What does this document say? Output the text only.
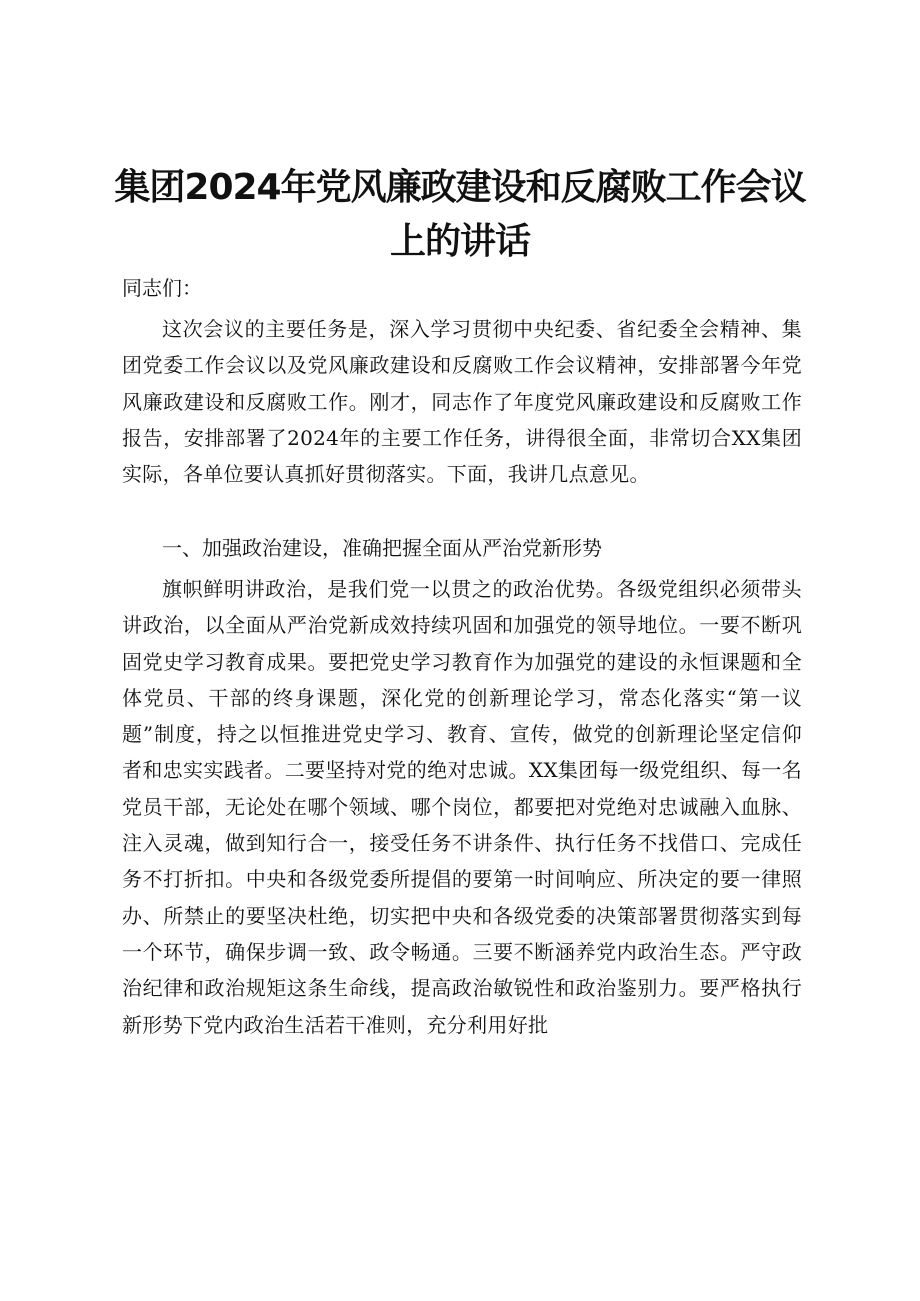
集团2024年党风廉政建设和反腐败工作会议
上的讲话

同志们：

这次会议的主要任务是，深入学习贯彻中央纪委、省纪委全会精神、集团党委工作会议以及党风廉政建设和反腐败工作会议精神，安排部署今年党风廉政建设和反腐败工作。刚才，同志作了年度党风廉政建设和反腐败工作报告，安排部署了2024年的主要工作任务，讲得很全面，非常切合XX集团实际，各单位要认真抓好贯彻落实。下面，我讲几点意见。

一、加强政治建设，准确把握全面从严治党新形势

旗帜鲜明讲政治，是我们党一以贯之的政治优势。各级党组织必须带头讲政治，以全面从严治党新成效持续巩固和加强党的领导地位。一要不断巩固党史学习教育成果。要把党史学习教育作为加强党的建设的永恒课题和全体党员、干部的终身课题，深化党的创新理论学习，常态化落实“第一议题”制度，持之以恒推进党史学习、教育、宣传，做党的创新理论坚定信仰者和忠实实践者。二要坚持对党的绝对忠诚。XX集团每一级党组织、每一名党员干部，无论处在哪个领域、哪个岗位，都要把对党绝对忠诚融入血脉、注入灵魂，做到知行合一，接受任务不讲条件、执行任务不找借口、完成任务不打折扣。中央和各级党委所提倡的要第一时间响应、所决定的要一律照办、所禁止的要坚决杜绝，切实把中央和各级党委的决策部署贯彻落实到每一个环节，确保步调一致、政令畅通。三要不断涵养党内政治生态。严守政治纪律和政治规矩这条生命线，提高政治敏锐性和政治鉴别力。要严格执行新形势下党内政治生活若干准则，充分利用好批
